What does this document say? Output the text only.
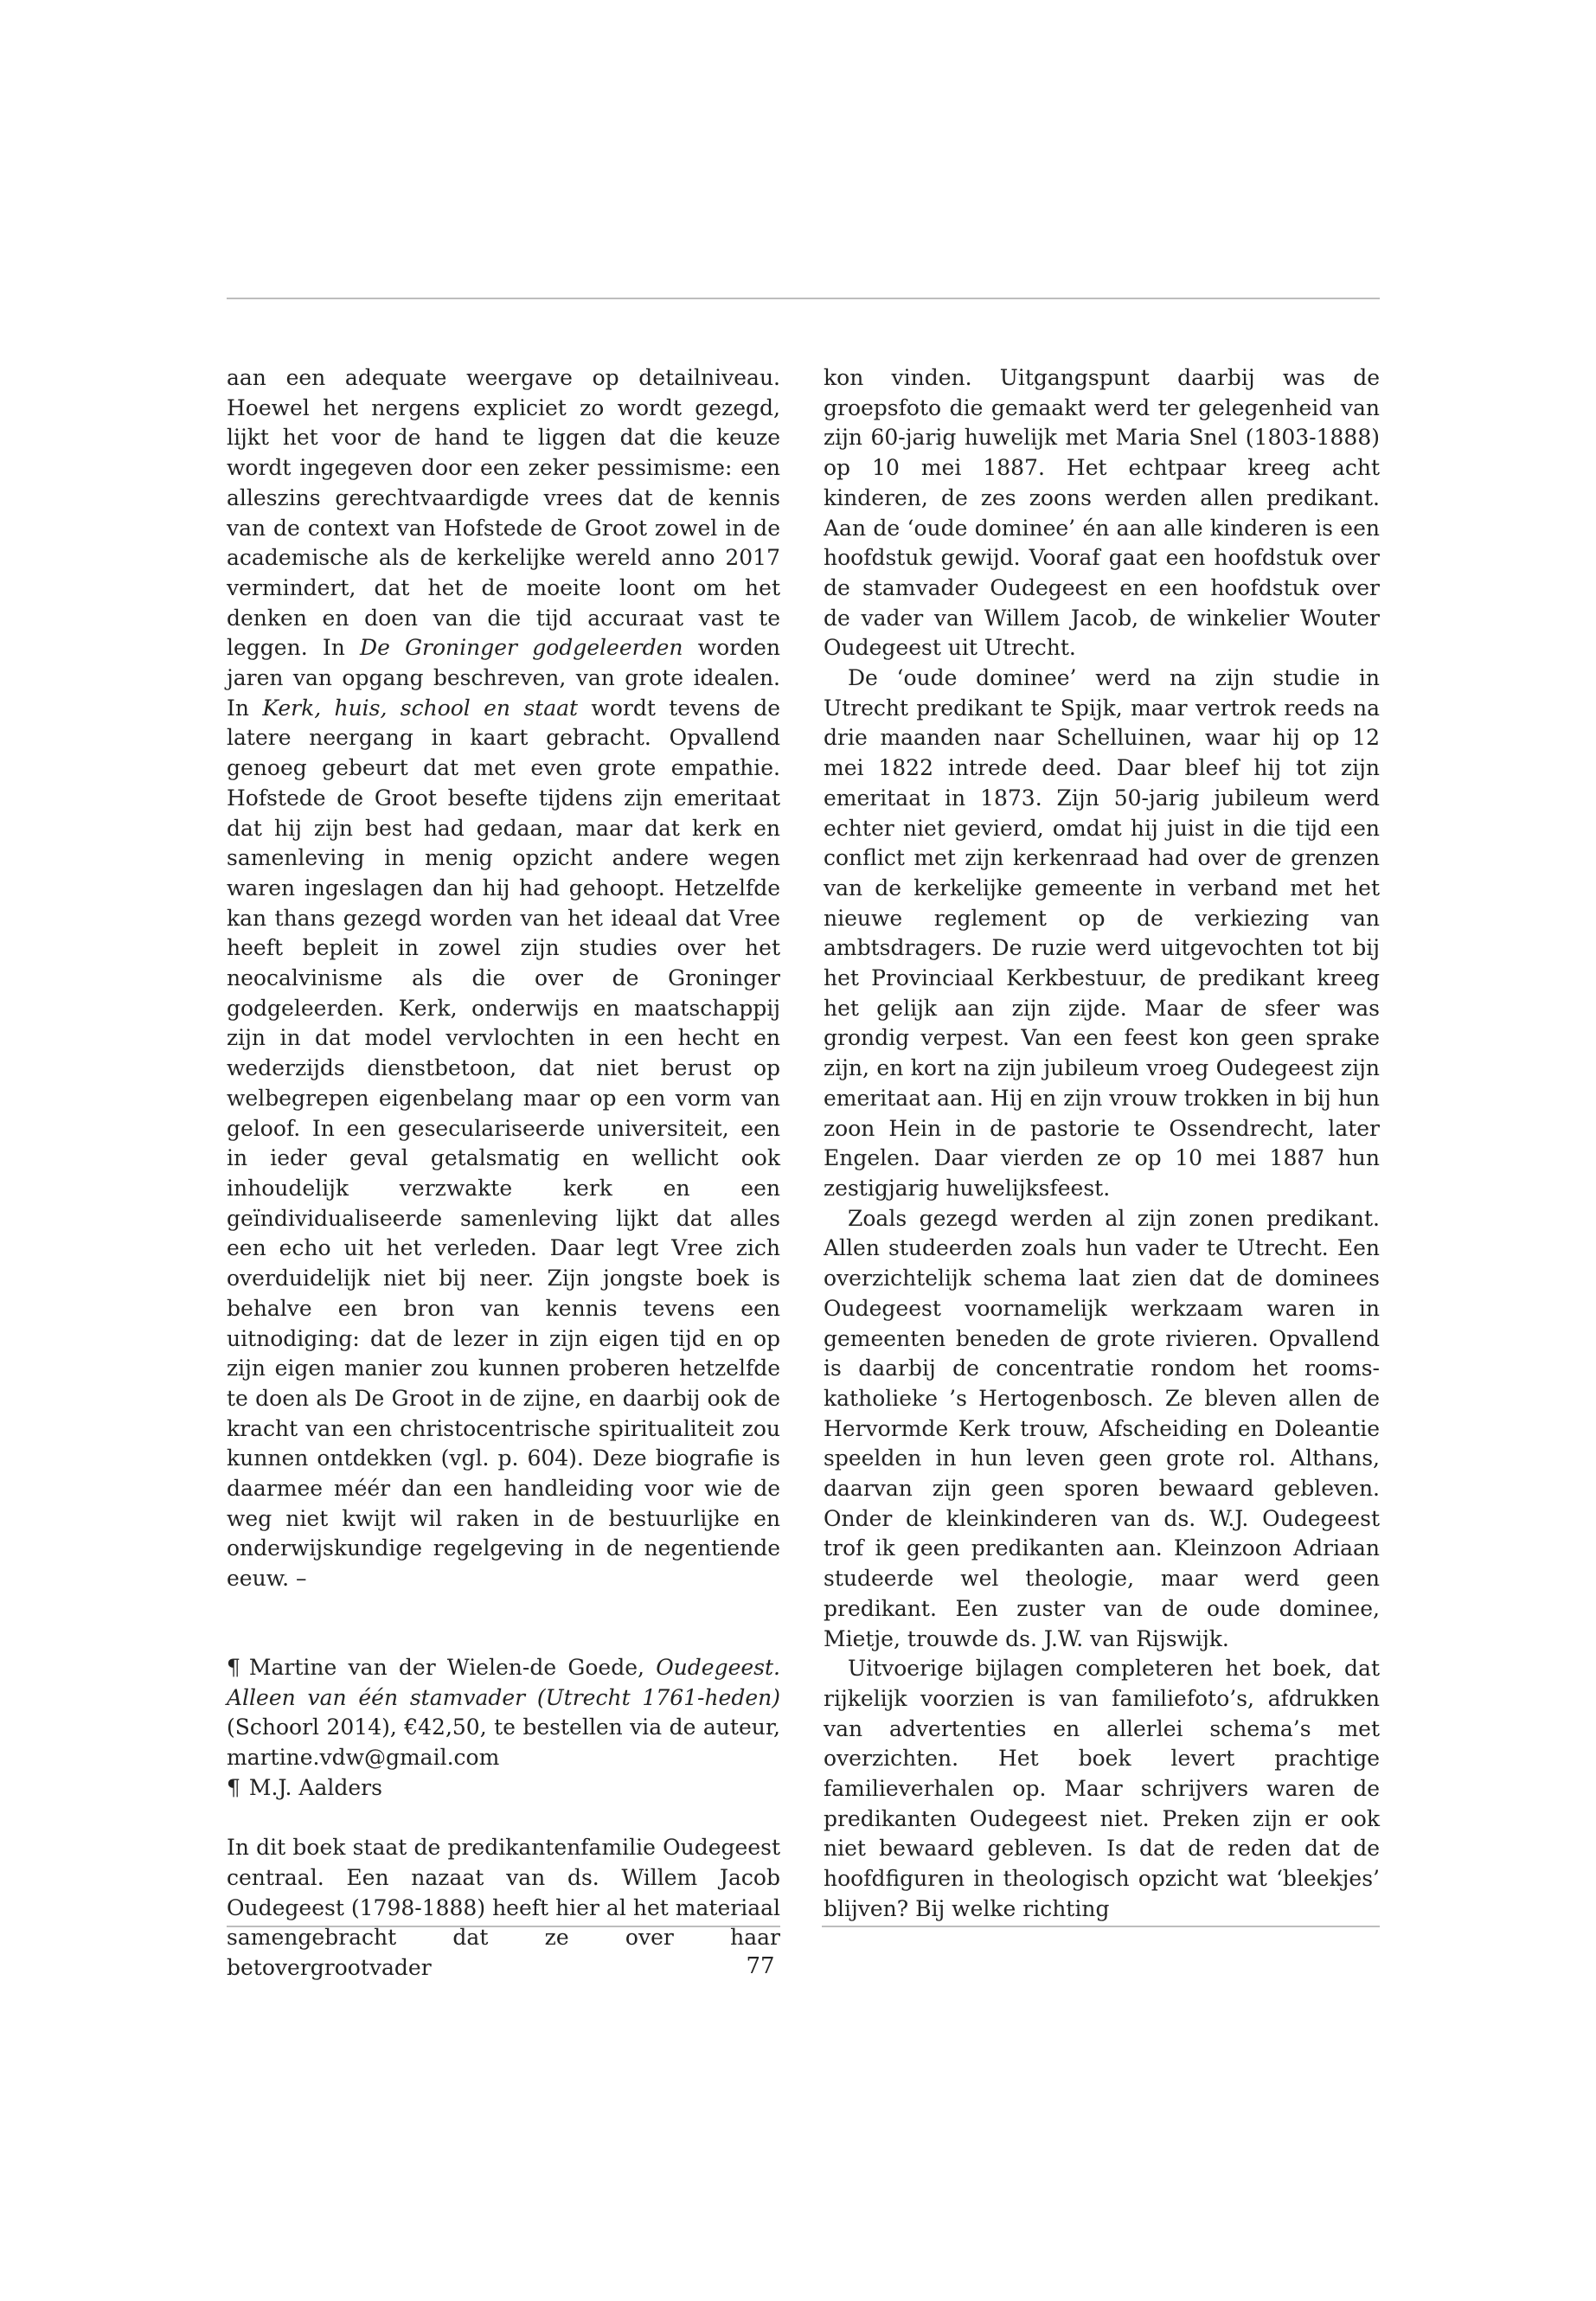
aan een adequate weergave op detailniveau. Hoewel het nergens expliciet zo wordt gezegd, lijkt het voor de hand te liggen dat die keuze wordt ingegeven door een zeker pessimisme: een alleszins gerechtvaardigde vrees dat de kennis van de context van Hofstede de Groot zowel in de academische als de kerkelijke wereld anno 2017 vermindert, dat het de moeite loont om het denken en doen van die tijd accuraat vast te leggen. In De Groninger godgeleerden worden jaren van opgang beschreven, van grote idealen. In Kerk, huis, school en staat wordt tevens de latere neergang in kaart gebracht. Opvallend genoeg gebeurt dat met even grote empathie. Hofstede de Groot besefte tijdens zijn emeritaat dat hij zijn best had gedaan, maar dat kerk en samenleving in menig opzicht andere wegen waren ingeslagen dan hij had gehoopt. Hetzelfde kan thans gezegd worden van het ideaal dat Vree heeft bepleit in zowel zijn studies over het neocalvinisme als die over de Groninger godgeleerden. Kerk, onderwijs en maatschappij zijn in dat model vervlochten in een hecht en wederzijds dienstbetoon, dat niet berust op welbegrepen eigenbelang maar op een vorm van geloof. In een geseculariseerde universiteit, een in ieder geval getalsmatig en wellicht ook inhoudelijk verzwakte kerk en een geïndividualiseerde samenleving lijkt dat alles een echo uit het verleden. Daar legt Vree zich overduidelijk niet bij neer. Zijn jongste boek is behalve een bron van kennis tevens een uitnodiging: dat de lezer in zijn eigen tijd en op zijn eigen manier zou kunnen proberen hetzelfde te doen als De Groot in de zijne, en daarbij ook de kracht van een christocentrische spiritualiteit zou kunnen ontdekken (vgl. p. 604). Deze biografie is daarmee méér dan een handleiding voor wie de weg niet kwijt wil raken in de bestuurlijke en onderwijskundige regelgeving in de negentiende eeuw. –

¶ Martine van der Wielen-de Goede, Oudegeest. Alleen van één stamvader (Utrecht 1761-heden) (Schoorl 2014), €42,50, te bestellen via de auteur, martine.vdw@gmail.com
¶ M.J. Aalders

In dit boek staat de predikantenfamilie Oudegeest centraal. Een nazaat van ds. Willem Jacob Oudegeest (1798-1888) heeft hier al het materiaal samengebracht dat ze over haar betovergrootvader

kon vinden. Uitgangspunt daarbij was de groepsfoto die gemaakt werd ter gelegenheid van zijn 60-jarig huwelijk met Maria Snel (1803-1888) op 10 mei 1887. Het echtpaar kreeg acht kinderen, de zes zoons werden allen predikant. Aan de ‘oude dominee’ én aan alle kinderen is een hoofdstuk gewijd. Vooraf gaat een hoofdstuk over de stamvader Oudegeest en een hoofdstuk over de vader van Willem Jacob, de winkelier Wouter Oudegeest uit Utrecht.

De ‘oude dominee’ werd na zijn studie in Utrecht predikant te Spijk, maar vertrok reeds na drie maanden naar Schelluinen, waar hij op 12 mei 1822 intrede deed. Daar bleef hij tot zijn emeritaat in 1873. Zijn 50-jarig jubileum werd echter niet gevierd, omdat hij juist in die tijd een conflict met zijn kerkenraad had over de grenzen van de kerkelijke gemeente in verband met het nieuwe reglement op de verkiezing van ambtsdragers. De ruzie werd uitgevochten tot bij het Provinciaal Kerkbestuur, de predikant kreeg het gelijk aan zijn zijde. Maar de sfeer was grondig verpest. Van een feest kon geen sprake zijn, en kort na zijn jubileum vroeg Oudegeest zijn emeritaat aan. Hij en zijn vrouw trokken in bij hun zoon Hein in de pastorie te Ossendrecht, later Engelen. Daar vierden ze op 10 mei 1887 hun zestigjarig huwelijksfeest.

Zoals gezegd werden al zijn zonen predikant. Allen studeerden zoals hun vader te Utrecht. Een overzichtelijk schema laat zien dat de dominees Oudegeest voornamelijk werkzaam waren in gemeenten beneden de grote rivieren. Opvallend is daarbij de concentratie rondom het rooms-katholieke ’s Hertogenbosch. Ze bleven allen de Hervormde Kerk trouw, Afscheiding en Doleantie speelden in hun leven geen grote rol. Althans, daarvan zijn geen sporen bewaard gebleven. Onder de kleinkinderen van ds. W.J. Oudegeest trof ik geen predikanten aan. Kleinzoon Adriaan studeerde wel theologie, maar werd geen predikant. Een zuster van de oude dominee, Mietje, trouwde ds. J.W. van Rijswijk.

Uitvoerige bijlagen completeren het boek, dat rijkelijk voorzien is van familiefoto’s, afdrukken van advertenties en allerlei schema’s met overzichten. Het boek levert prachtige familieverhalen op. Maar schrijvers waren de predikanten Oudegeest niet. Preken zijn er ook niet bewaard gebleven. Is dat de reden dat de hoofdfiguren in theologisch opzicht wat ‘bleekjes’ blijven? Bij welke richting

77
